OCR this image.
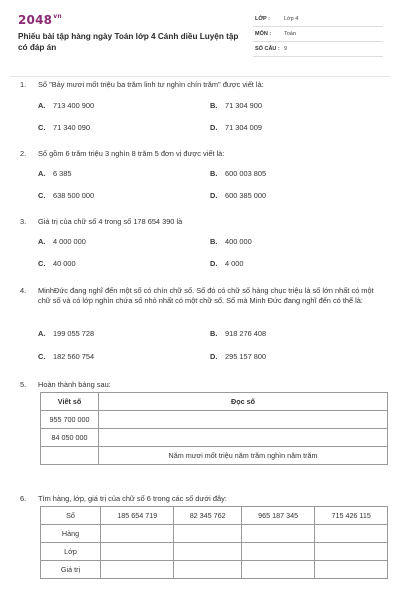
$2048^{vn}$
Phiếu bài tập hàng ngày Toán lớp 4 Cánh diều Luyện tập có đáp án
LỚP :	Lớp 4
MÔN : Toán
SỐ CÂU : 9
1. Số "Bảy mươi mốt triệu ba trăm linh tư nghìn chín trăm" được viết là:
A. 713 400 900	B. 71 304 900
C. 71 340 090	D. 71 304 009
2. Số gồm 6 trăm triệu 3 nghìn 8 trăm 5 đơn vị được viết là:
A. 6 385	B. 600 003 805
C. 638 500 000	D. 600 385 000
3. Giá trị của chữ số 4 trong số 178 654 390 là
A. 4 000 000	B. 400 000
C. 40 000	D. 4 000
4. MinhĐức đang nghĩ đến một số có chín chữ số. Số đó có chữ số hàng chục triệu là số lớn nhất có một chữ số và có lớp nghìn chứa số nhỏ nhất có một chữ số. Số mà Minh Đức đang nghĩ đến có thể là:
A. 199 055 728	B. 918 276 408
C. 182 560 754	D. 295 157 800
5. Hoàn thành bảng sau:
Viết số	Đọc số
955 700 000	
84 050 000	
	Năm mươi mốt triệu năm trăm nghìn năm trăm
6. Tìm hàng, lớp, giá trị của chữ số 6 trong các số dưới đây:
Số	185 654 719	82 345 762	965 187 345	715 426 115
Hàng				
Lớp				
Giá trị				
